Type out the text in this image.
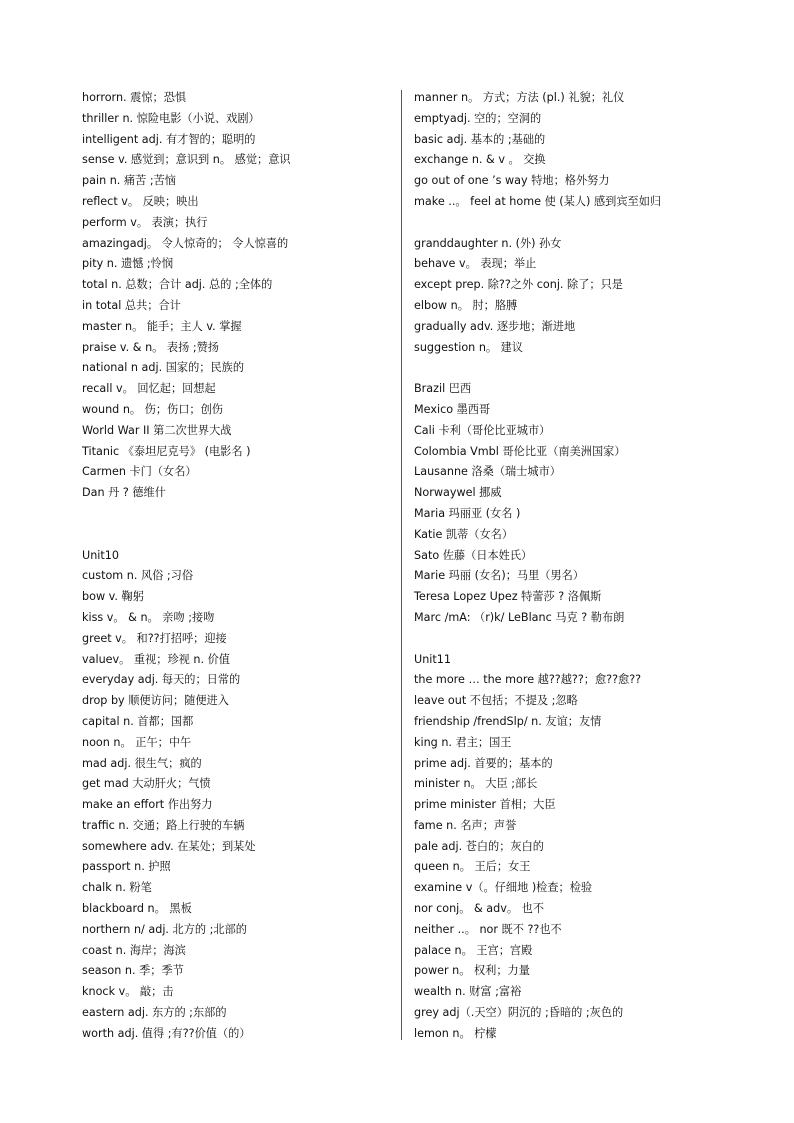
horrorn. 震惊；恐惧
thriller n. 惊险电影（小说、戏剧）
intelligent adj. 有才智的；聪明的
sense v. 感觉到；意识到 n。 感觉；意识
pain n. 痛苦 ;苦恼
reflect v。 反映；映出
perform v。 表演；执行
amazingadj。 令人惊奇的； 令人惊喜的
pity n. 遗憾 ;怜悯
total n. 总数；合计 adj. 总的 ;全体的
in total 总共；合计
master n。 能手；主人 v. 掌握
praise v. & n。 表扬 ;赞扬
national n adj. 国家的；民族的
recall v。 回忆起；回想起
wound n。 伤；伤口；创伤
World War II 第二次世界大战
Titanic 《泰坦尼克号》 (电影名 )
Carmen 卡门（女名）
Dan 丹 ? 德维什
Unit10
custom n. 风俗 ;习俗
bow v. 鞠躬
kiss v。 & n。 亲吻 ;接吻
greet v。 和??打招呼；迎接
valuev。 重视；珍视 n. 价值
everyday adj. 每天的；日常的
drop by 顺便访问；随便进入
capital n. 首都；国都
noon n。 正午；中午
mad adj. 很生气；疯的
get mad 大动肝火；气愤
make an effort 作出努力
traffic n. 交通；路上行驶的车辆
somewhere adv. 在某处；到某处
passport n. 护照
chalk n. 粉笔
blackboard n。 黑板
northern n/ adj. 北方的 ;北部的
coast n. 海岸；海滨
season n. 季；季节
knock v。 敲；击
eastern adj. 东方的 ;东部的
worth adj. 值得 ;有??价值（的）
manner n。 方式；方法 (pl.) 礼貌；礼仪
emptyadj. 空的；空洞的
basic adj. 基本的 ;基础的
exchange n. & v 。 交换
go out of one ’s way 特地；格外努力
make ..。 feel at home 使 (某人) 感到宾至如归
granddaughter n. (外) 孙女
behave v。 表现；举止
except prep. 除??之外 conj. 除了；只是
elbow n。 肘；胳膊
gradually adv. 逐步地；渐进地
suggestion n。 建议
Brazil 巴西
Mexico 墨西哥
Cali 卡利（哥伦比亚城市）
Colombia Vmbl 哥伦比亚（南美洲国家）
Lausanne 洛桑（瑞士城市）
Norwaywel 挪威
Maria 玛丽亚 (女名 )
Katie 凯蒂（女名）
Sato 佐藤（日本姓氏）
Marie 玛丽 (女名)；马里（男名）
Teresa Lopez Upez 特蕾莎 ? 洛佩斯
Marc /mA: （r)k/ LeBlanc 马克 ? 勒布朗
Unit11
the more … the more 越??越??；愈??愈??
leave out 不包括；不提及 ;忽略
friendship /frendSlp/ n. 友谊；友情
king n. 君主；国王
prime adj. 首要的；基本的
minister n。 大臣 ;部长
prime minister 首相；大臣
fame n. 名声；声誉
pale adj. 苍白的；灰白的
queen n。 王后；女王
examine v（。仔细地 )检查；检验
nor conj。 & adv。 也不
neither ..。 nor 既不 ??也不
palace n。 王宫；宫殿
power n。 权利；力量
wealth n. 财富 ;富裕
grey adj（.天空）阴沉的 ;昏暗的 ;灰色的
lemon n。 柠檬
